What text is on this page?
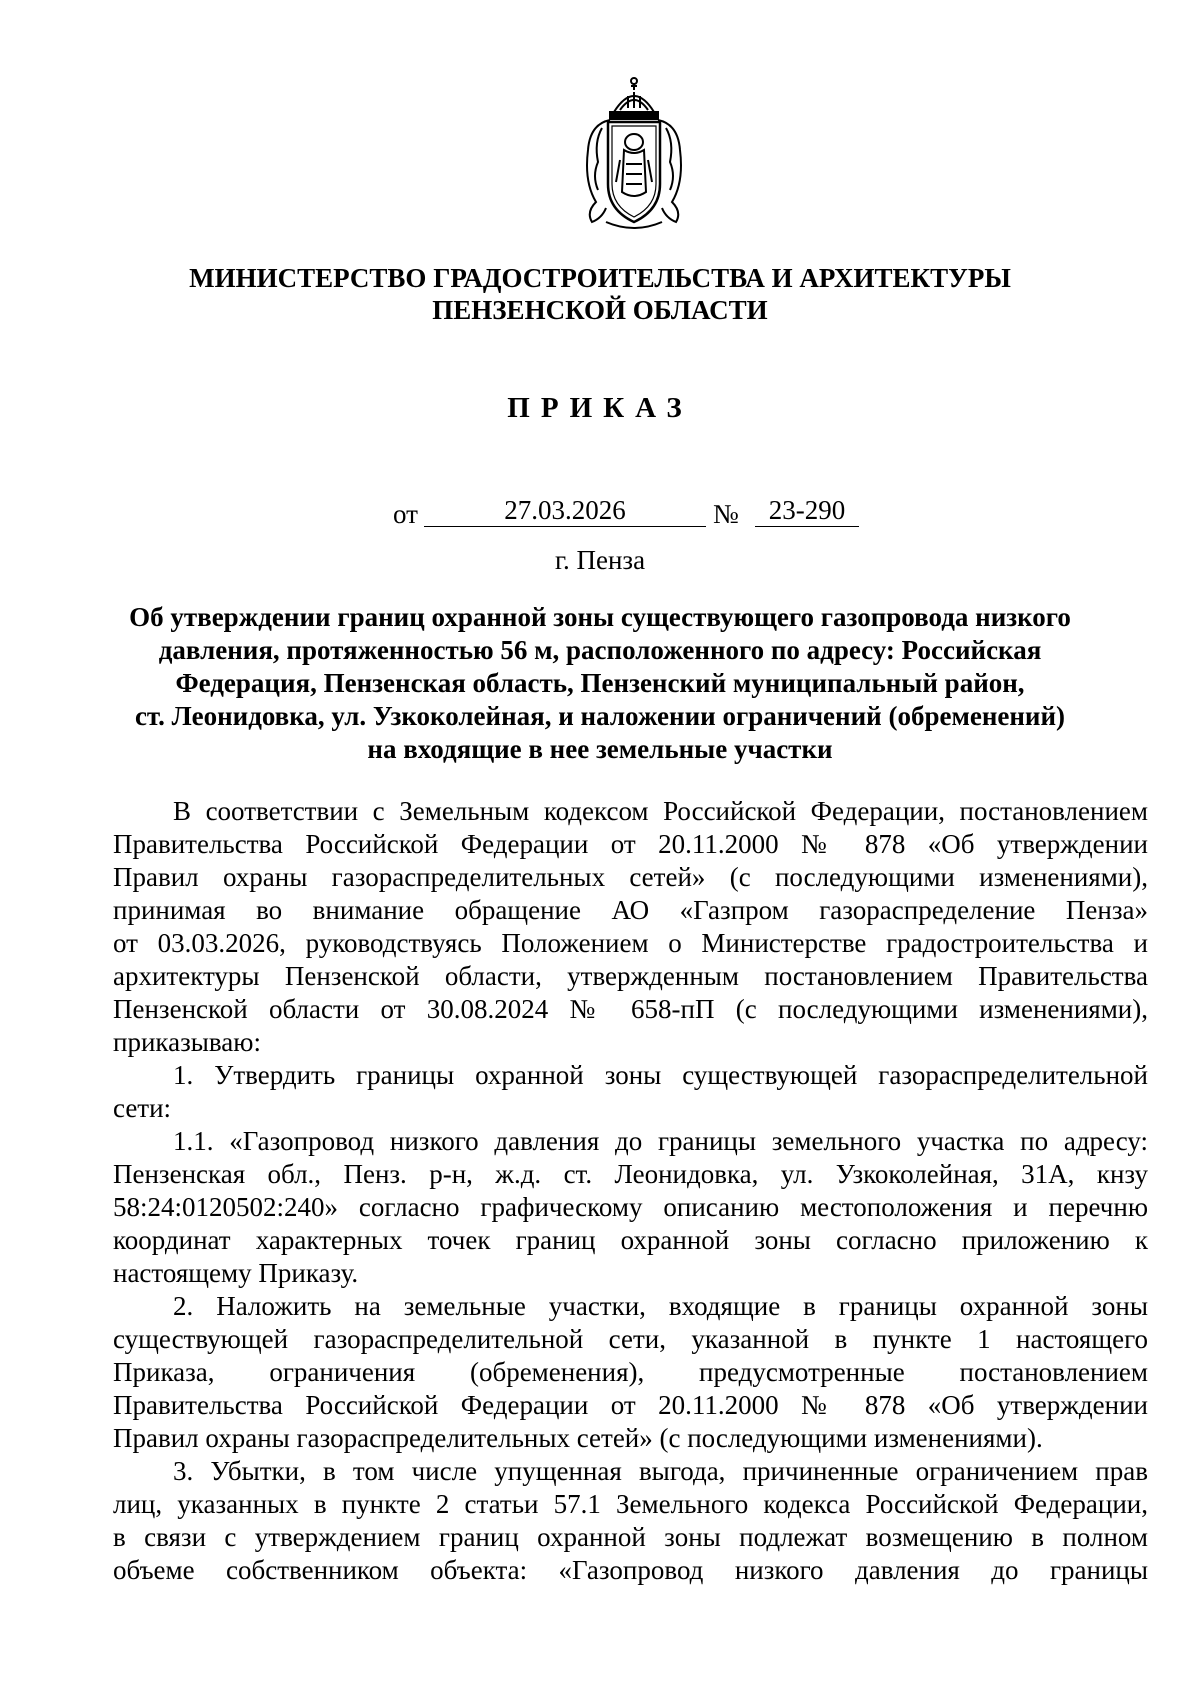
МИНИСТЕРСТВО ГРАДОСТРОИТЕЛЬСТВА И АРХИТЕКТУРЫ
ПЕНЗЕНСКОЙ ОБЛАСТИ
ПРИКАЗ
от	27.03.2026	№	23-290
г. Пенза
Об утверждении границ охранной зоны существующего газопровода низкого
давления, протяженностью 56 м, расположенного по адресу: Российская
Федерация, Пензенская область, Пензенский муниципальный район,
ст. Леонидовка, ул. Узкоколейная, и наложении ограничений (обременений)
на входящие в нее земельные участки
В соответствии с Земельным кодексом Российской Федерации, постановлением
Правительства Российской Федерации от 20.11.2000 № 878 «Об утверждении
Правил охраны газораспределительных сетей» (с последующими изменениями),
принимая во внимание обращение АО «Газпром газораспределение Пенза»
от 03.03.2026, руководствуясь Положением о Министерстве градостроительства и
архитектуры Пензенской области, утвержденным постановлением Правительства
Пензенской области от 30.08.2024 № 658-пП (с последующими изменениями),
приказываю:
1. Утвердить границы охранной зоны существующей газораспределительной
сети:
1.1. «Газопровод низкого давления до границы земельного участка по адресу:
Пензенская обл., Пенз. р-н, ж.д. ст. Леонидовка, ул. Узкоколейная, 31А, кнзу
58:24:0120502:240» согласно графическому описанию местоположения и перечню
координат характерных точек границ охранной зоны согласно приложению к
настоящему Приказу.
2. Наложить на земельные участки, входящие в границы охранной зоны
существующей газораспределительной сети, указанной в пункте 1 настоящего
Приказа, ограничения (обременения), предусмотренные постановлением
Правительства Российской Федерации от 20.11.2000 № 878 «Об утверждении
Правил охраны газораспределительных сетей» (с последующими изменениями).
3. Убытки, в том числе упущенная выгода, причиненные ограничением прав
лиц, указанных в пункте 2 статьи 57.1 Земельного кодекса Российской Федерации,
в связи с утверждением границ охранной зоны подлежат возмещению в полном
объеме собственником объекта: «Газопровод низкого давления до границы
